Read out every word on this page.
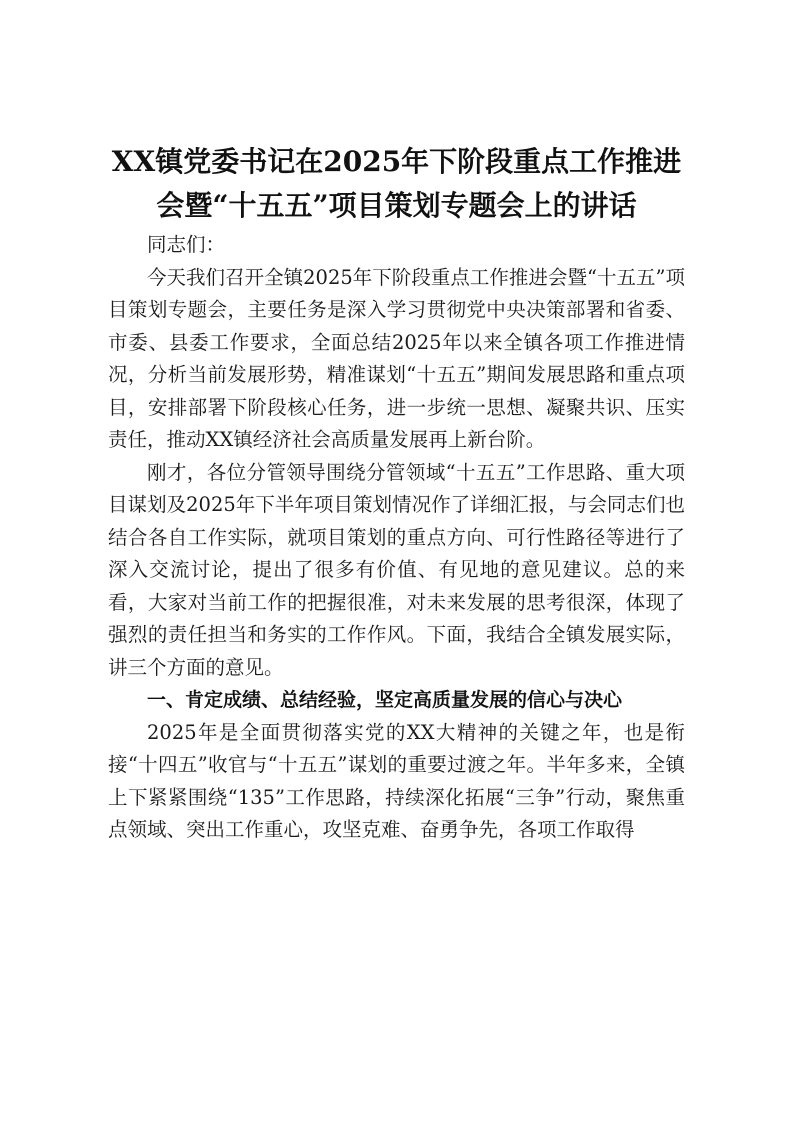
XX镇党委书记在2025年下阶段重点工作推进
会暨“十五五”项目策划专题会上的讲话

同志们：

今天我们召开全镇2025年下阶段重点工作推进会暨“十五五”项目策划专题会，主要任务是深入学习贯彻党中央决策部署和省委、市委、县委工作要求，全面总结2025年以来全镇各项工作推进情况，分析当前发展形势，精准谋划“十五五”期间发展思路和重点项目，安排部署下阶段核心任务，进一步统一思想、凝聚共识、压实责任，推动XX镇经济社会高质量发展再上新台阶。

刚才，各位分管领导围绕分管领域“十五五”工作思路、重大项目谋划及2025年下半年项目策划情况作了详细汇报，与会同志们也结合各自工作实际，就项目策划的重点方向、可行性路径等进行了深入交流讨论，提出了很多有价值、有见地的意见建议。总的来看，大家对当前工作的把握很准，对未来发展的思考很深，体现了强烈的责任担当和务实的工作作风。下面，我结合全镇发展实际，讲三个方面的意见。

一、肯定成绩、总结经验，坚定高质量发展的信心与决心

2025年是全面贯彻落实党的XX大精神的关键之年，也是衔接“十四五”收官与“十五五”谋划的重要过渡之年。半年多来，全镇上下紧紧围绕“135”工作思路，持续深化拓展“三争”行动，聚焦重点领域、突出工作重心，攻坚克难、奋勇争先，各项工作取得
